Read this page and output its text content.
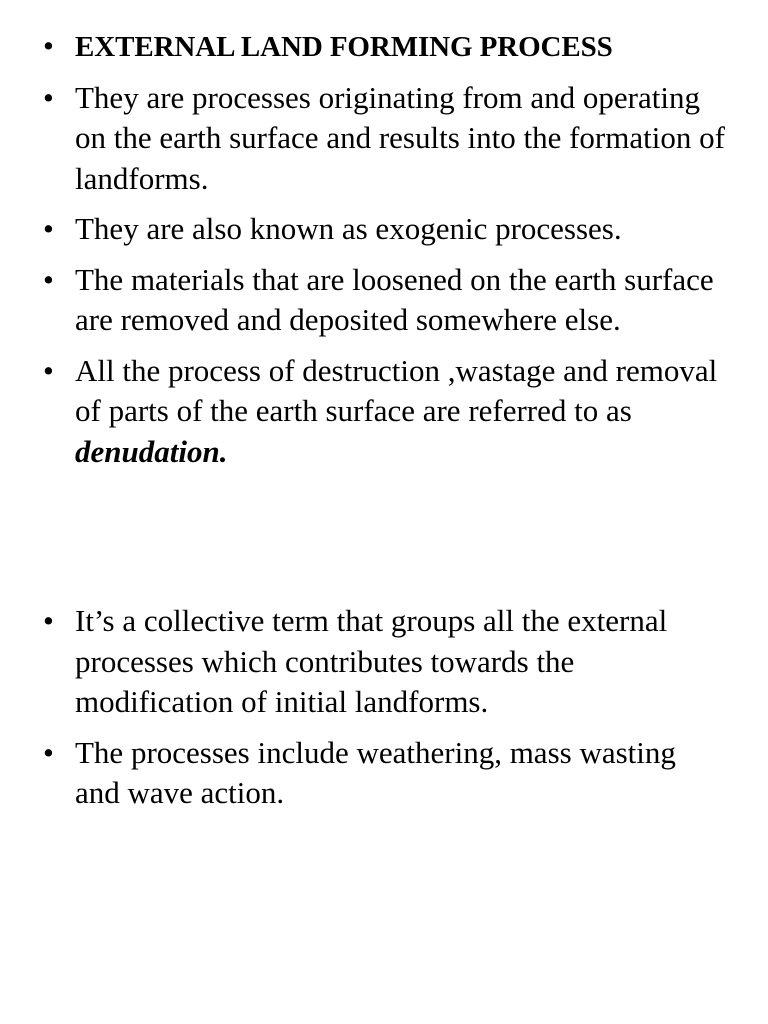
• EXTERNAL LAND FORMING PROCESS
• They are processes originating from and operating on the earth surface and results into the formation of landforms.
• They are also known as exogenic processes.
• The materials that are loosened on the earth surface are removed and deposited somewhere else.
• All the process of destruction ,wastage and removal of parts of the earth surface are referred to as denudation.
• It’s a collective term that groups all the external processes which contributes towards the modification of initial landforms.
• The processes include weathering, mass wasting and wave action.
